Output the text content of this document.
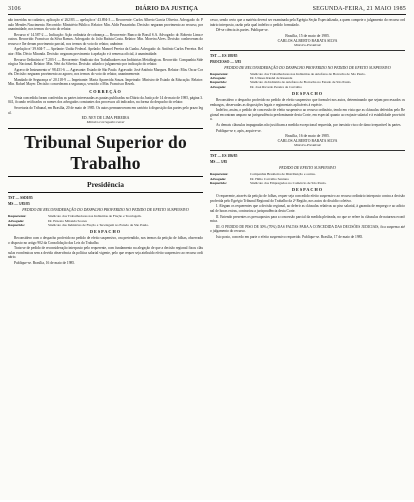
3106	DIÁRIO DA JUSTIÇA	SEGUNDA-FEIRA, 21 MAIO 1985

não inseridas no cadastro, aplicação nº 262/83 — apelação nº 43.894-3 — Recorrente: Carlos Alberto Garcia Oliveira. Advogado: dr. Paulo Mendes Nascimento. Recorrido: Ministério Público. Relator: Min. Aldir Passarinho. Decisão: negaram provimento ao recurso, por unanimidade, nos termos do voto do relator.

Recurso nº 14.587-2 — Indicação: Ação ordinária de cobrança — Recorrente: Banco do Brasil S.A. Advogado: dr. Roberto Lima e outros. Recorrido: Francisco da Silva Ramos. Advogado: dr. João Batista Costa. Relator: Min. Moreira Alves. Decisão: conheceram do recurso e lhe deram provimento parcial, nos termos do voto do relator, unânime.

Apelação nº 39.604-7 — Apelante: União Federal. Apelado: Manoel Pereira da Cunha. Advogado: dr. Antônio Carlos Ferreira. Relator: Min. Décio Miranda. Decisão: negaram provimento à apelação e à remessa oficial, à unanimidade.

Recurso Ordinário nº 7.203-1 — Recorrente: Sindicato dos Trabalhadores nas Indústrias Metalúrgicas. Recorrido: Companhia Siderúrgica Nacional. Relator: Min. Néri da Silveira. Decisão: adiado o julgamento por indicação do relator.

Agravo de Instrumento nº 98.451-6 — Agravante: Estado de São Paulo. Agravado: José Antônio Marques. Relator: Min. Oscar Corrêa. Decisão: negaram provimento ao agravo, nos termos do voto do relator, unanimemente.

Mandado de Segurança nº 20.118-9 — Impetrante: Maria Aparecida Souza. Impetrado: Ministro de Estado da Educação. Relator: Min. Rafael Mayer. Decisão: concederam a segurança, vencido o Min. Francisco Rezek.

CORREÇÃO

Venia concedida foram conferidas as partes interessadas as pautas publicadas no Diário da Justiça de 14 de maio de 1985, página 3.041, ficando retificados os nomes dos advogados constantes dos processos ali indicados, na forma do despacho do relator.

Secretaria do Tribunal, em Brasília, 20 de maio de 1985. Os autos permaneceram em cartório à disposição das partes pelo prazo legal.

ED. NEY DE LIMA PEREIRA
Ministro-Corregedor-Geral
Tribunal Superior do Trabalho
Presidência
TST — SSDI/85
MS — 3/85/85
PEDIDO DE RECONSIDERAÇÃO DO DESPACHO PROFERIDO NO PEDIDO DE EFEITO SUSPENSIVO
Requerente:	Sindicato dos Trabalhadores nas Indústrias de Fiação e Tecelagem.
Advogado:	Dr. Ernesto Miranda Soares
Requerido:	Sindicato das Indústrias de Fiação e Tecelagem no Estado de São Paulo.
DESPACHO

Reconsidero com o despacho proferido no pedido de efeito suspensivo, ora pretendido, nos termos da petição de folhas, observado o disposto no artigo 902 da Consolidação das Leis do Trabalho.

Trata-se de pedido de reconsideração interposto pelo requerente, com fundamento na alegação de que a decisão regional fixou cláusulas econômicas sem a devida observância da política salarial vigente, pelo que requer seja atribuído efeito suspensivo ao recurso ordinário.

Publique-se. Brasília, 16 de maio de 1985.

cesso, sendo certo que a matéria deverá ser examinada pela Egrégia Seção Especializada, a quem compete o julgamento do recurso ordinário interposto, razão pela qual indefiro o pedido formulado.

Dê-se ciência às partes. Publique-se.

Brasília, 15 de maio de 1985.
CARLOS ALBERTO BARATA SILVA
Ministro-Presidente
TST — ES 188/85
PROCESSO — 3/85
PEDIDO DE RECONSIDERAÇÃO DO DESPACHO PROFERIDO NO PEDIDO DE EFEITO SUSPENSIVO
Requerente:	Sindicato dos Trabalhadores nas Indústrias de Artefatos de Borracha de São Paulo.
Advogado:	Dr. Ulisses Riedel de Resende
Requerido:	Sindicato da Indústria de Artefatos de Borracha no Estado de São Paulo.
Advogado:	Dr. José Ricardo Pereira de Carvalho
DESPACHO

Reconsidero o despacho proferido no pedido de efeito suspensivo que formulei nos autos, determinando que sejam processados os embargos, observadas as disposições legais e regimentais aplicáveis à espécie.

Indefiro, assim, o pedido de concessão de efeito suspensivo ao recurso ordinário, tendo em vista que as cláusulas deferidas pelo Regional encontram amparo na jurisprudência predominante desta Corte, em especial quanto ao reajuste salarial e à estabilidade provisória.

As demais cláusulas impugnadas não justificam a medida excepcional requerida, por inexistir risco de dano irreparável às partes.

Publique-se e, após, arquive-se.

Brasília, 16 de maio de 1985.
CARLOS ALBERTO BARATA SILVA
Ministro-Presidente
TST — ES 186/85
MS — 3/85
PEDIDO DE EFEITO SUSPENSIVO
Requerente:	Companhia Brasileira de Distribuição e outras.
Advogado:	Dr. Hélio Carvalho Santana
Requerido:	Sindicato dos Empregados no Comércio de São Paulo.
DESPACHO

O requerente, através da petição de folhas, requer seja concedido efeito suspensivo ao recurso ordinário interposto contra a decisão proferida pelo Egrégio Tribunal Regional do Trabalho da 2ª Região, nos autos do dissídio coletivo.

I. Alegam os requerentes que a decisão regional, ao deferir as cláusulas relativas ao piso salarial, à garantia de emprego e ao adicional de horas extras, contrariou a jurisprudência desta Corte.

II. Entendo presentes os pressupostos para a concessão parcial da medida pleiteada, no que se refere às cláusulas de natureza econômica.

III. O PEDIDO DE PISO DE 30% (70%) DAS FALTAS PARA A CONCEDIDA DAS DECISÕES JUDICIAIS, fica suspenso até o julgamento do recurso.

Isto posto, concedo em parte o efeito suspensivo requerido. Publique-se. Brasília, 17 de maio de 1985.
